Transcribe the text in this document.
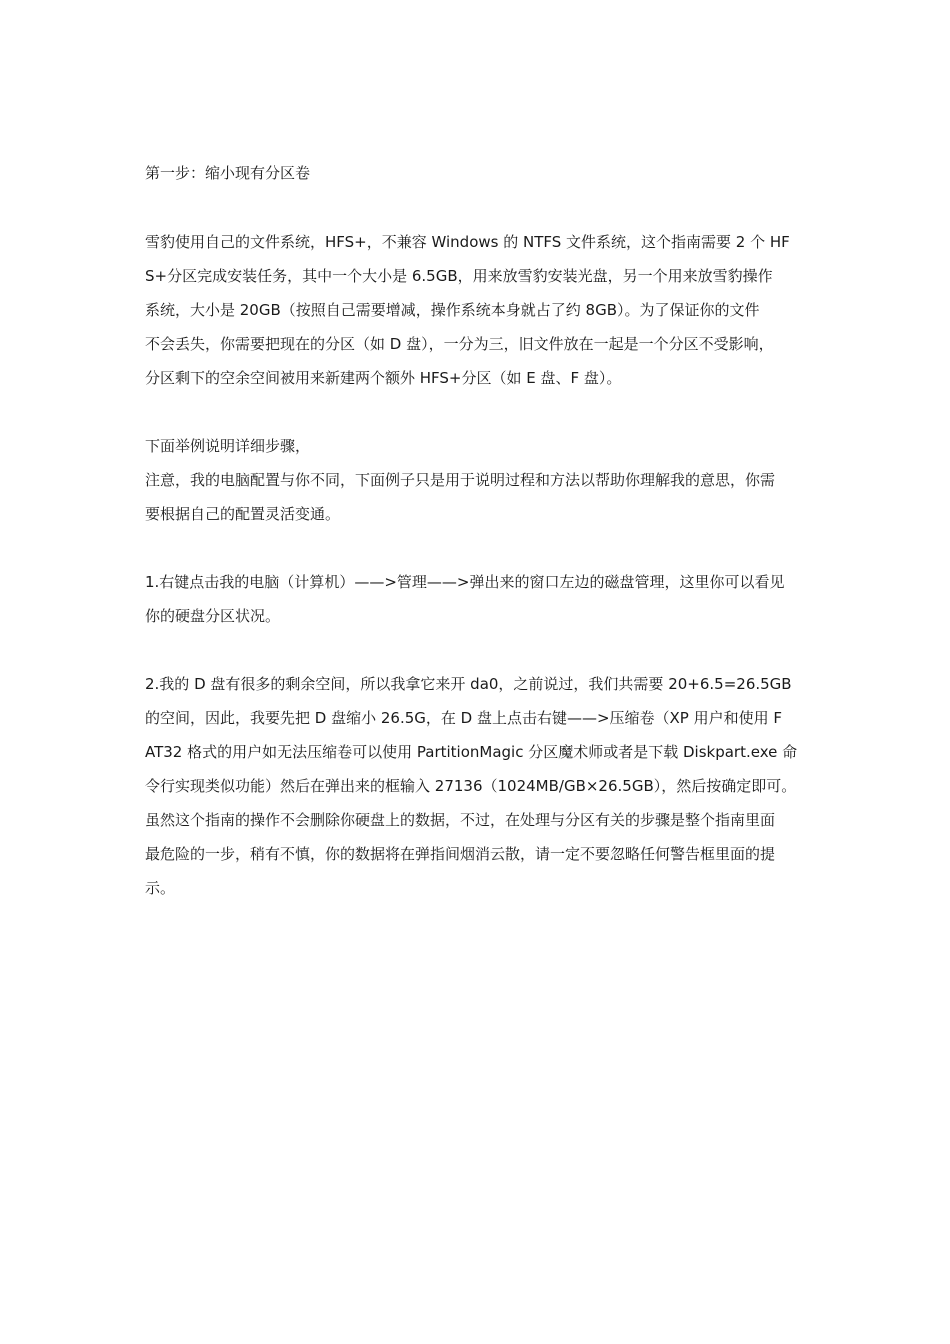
第一步：缩小现有分区卷
雪豹使用自己的文件系统，HFS+，不兼容 Windows 的 NTFS 文件系统，这个指南需要 2 个 HF
S+分区完成安装任务，其中一个大小是 6.5GB，用来放雪豹安装光盘，另一个用来放雪豹操作
系统，大小是 20GB（按照自己需要增减，操作系统本身就占了约 8GB）。为了保证你的文件
不会丢失，你需要把现在的分区（如 D 盘），一分为三，旧文件放在一起是一个分区不受影响，
分区剩下的空余空间被用来新建两个额外 HFS+分区（如 E 盘、F 盘）。
下面举例说明详细步骤，
注意，我的电脑配置与你不同，下面例子只是用于说明过程和方法以帮助你理解我的意思，你需
要根据自己的配置灵活变通。
1.右键点击我的电脑（计算机）——>管理——>弹出来的窗口左边的磁盘管理，这里你可以看见
你的硬盘分区状况。
2.我的 D 盘有很多的剩余空间，所以我拿它来开 da0，之前说过，我们共需要 20+6.5=26.5GB
的空间，因此，我要先把 D 盘缩小 26.5G，在 D 盘上点击右键——>压缩卷（XP 用户和使用 F
AT32 格式的用户如无法压缩卷可以使用 PartitionMagic 分区魔术师或者是下载 Diskpart.exe 命
令行实现类似功能）然后在弹出来的框输入 27136（1024MB/GB×26.5GB），然后按确定即可。
虽然这个指南的操作不会删除你硬盘上的数据，不过，在处理与分区有关的步骤是整个指南里面
最危险的一步，稍有不慎，你的数据将在弹指间烟消云散，请一定不要忽略任何警告框里面的提
示。
